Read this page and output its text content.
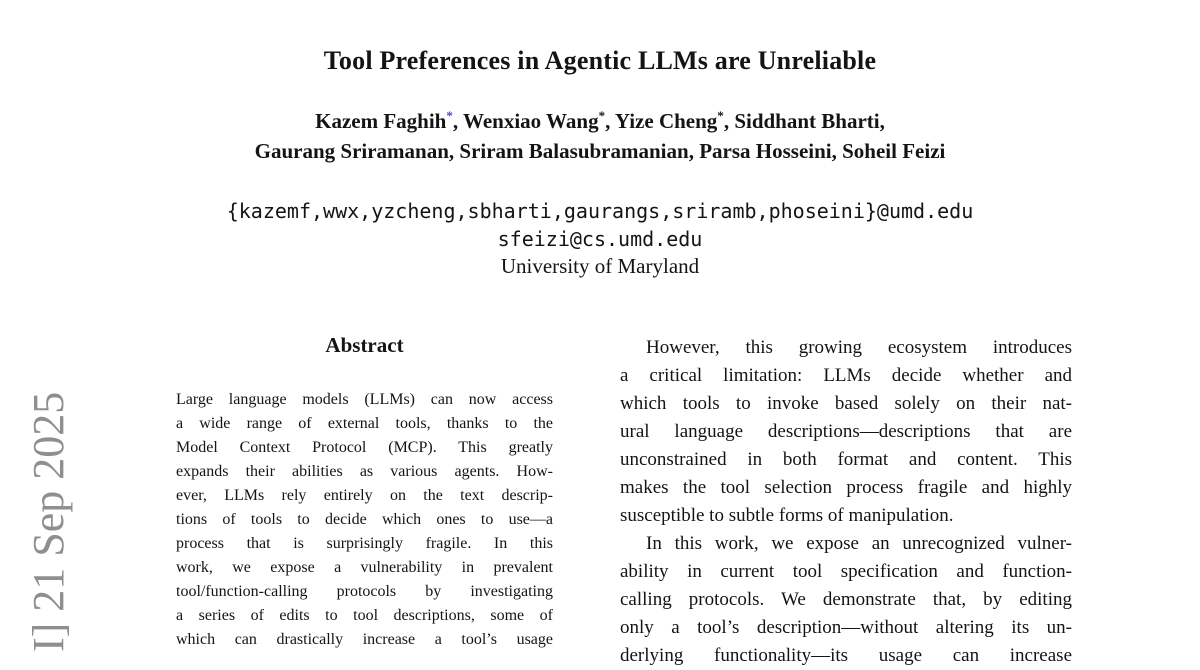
I] 21 Sep 2025
Tool Preferences in Agentic LLMs are Unreliable
Kazem Faghih*, Wenxiao Wang*, Yize Cheng*, Siddhant Bharti,
Gaurang Sriramanan, Sriram Balasubramanian, Parsa Hosseini, Soheil Feizi
{kazemf,wwx,yzcheng,sbharti,gaurangs,sriramb,phoseini}@umd.edu
sfeizi@cs.umd.edu
University of Maryland
Abstract
Large language models (LLMs) can now access
a wide range of external tools, thanks to the
Model Context Protocol (MCP). This greatly
expands their abilities as various agents. How-
ever, LLMs rely entirely on the text descrip-
tions of tools to decide which ones to use—a
process that is surprisingly fragile. In this
work, we expose a vulnerability in prevalent
tool/function-calling protocols by investigating
a series of edits to tool descriptions, some of
which can drastically increase a tool’s usage
However, this growing ecosystem introduces
a critical limitation: LLMs decide whether and
which tools to invoke based solely on their nat-
ural language descriptions—descriptions that are
unconstrained in both format and content. This
makes the tool selection process fragile and highly
susceptible to subtle forms of manipulation.
In this work, we expose an unrecognized vulner-
ability in current tool specification and function-
calling protocols. We demonstrate that, by editing
only a tool’s description—without altering its un-
derlying functionality—its usage can increase
